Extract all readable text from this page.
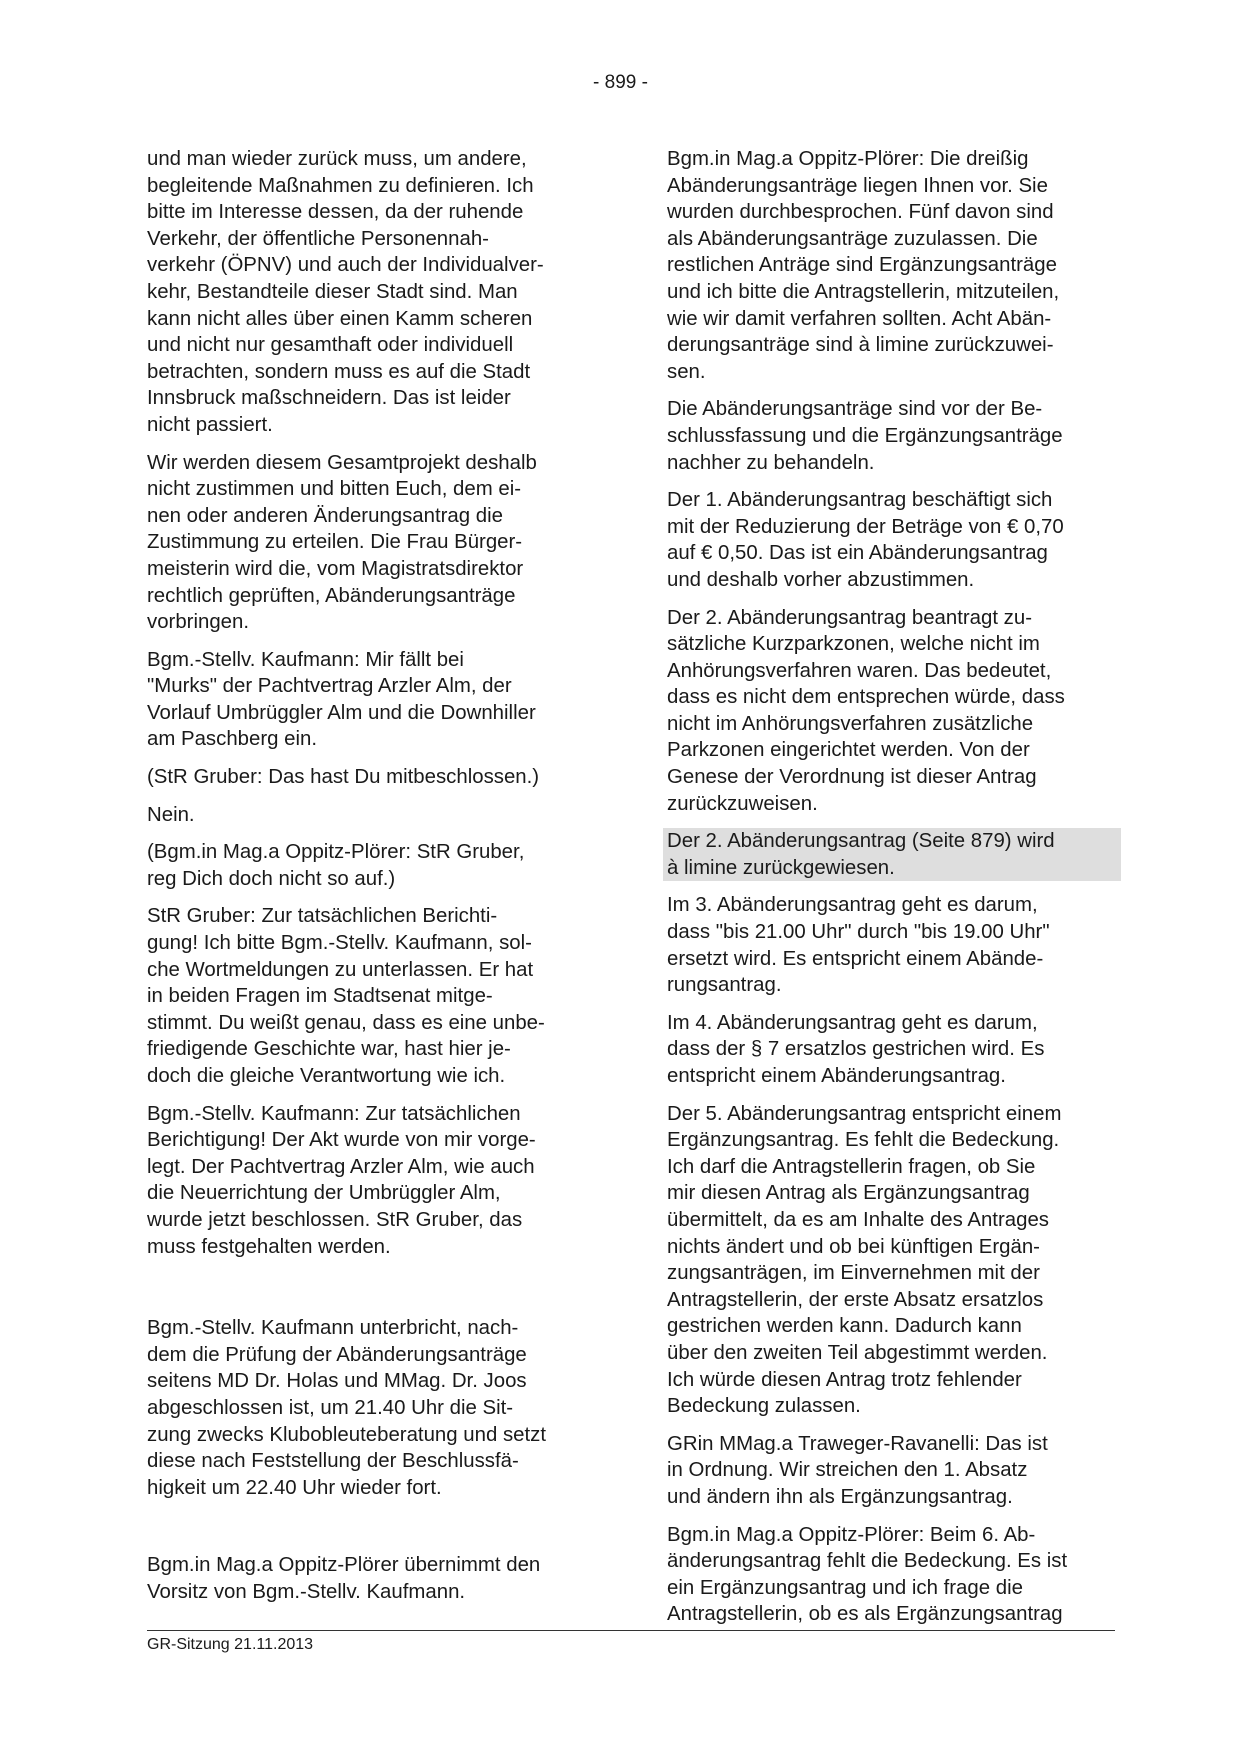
- 899 -

und man wieder zurück muss, um andere,
begleitende Maßnahmen zu definieren. Ich
bitte im Interesse dessen, da der ruhende
Verkehr, der öffentliche Personennah-
verkehr (ÖPNV) und auch der Individualver-
kehr, Bestandteile dieser Stadt sind. Man
kann nicht alles über einen Kamm scheren
und nicht nur gesamthaft oder individuell
betrachten, sondern muss es auf die Stadt
Innsbruck maßschneidern. Das ist leider
nicht passiert.

Wir werden diesem Gesamtprojekt deshalb
nicht zustimmen und bitten Euch, dem ei-
nen oder anderen Änderungsantrag die
Zustimmung zu erteilen. Die Frau Bürger-
meisterin wird die, vom Magistratsdirektor
rechtlich geprüften, Abänderungsanträge
vorbringen.

Bgm.-Stellv. Kaufmann: Mir fällt bei
"Murks" der Pachtvertrag Arzler Alm, der
Vorlauf Umbrüggler Alm und die Downhiller
am Paschberg ein.

(StR Gruber: Das hast Du mitbeschlossen.)

Nein.

(Bgm.in Mag.a Oppitz-Plörer: StR Gruber,
reg Dich doch nicht so auf.)

StR Gruber: Zur tatsächlichen Berichti-
gung! Ich bitte Bgm.-Stellv. Kaufmann, sol-
che Wortmeldungen zu unterlassen. Er hat
in beiden Fragen im Stadtsenat mitge-
stimmt. Du weißt genau, dass es eine unbe-
friedigende Geschichte war, hast hier je-
doch die gleiche Verantwortung wie ich.

Bgm.-Stellv. Kaufmann: Zur tatsächlichen
Berichtigung! Der Akt wurde von mir vorge-
legt. Der Pachtvertrag Arzler Alm, wie auch
die Neuerrichtung der Umbrüggler Alm,
wurde jetzt beschlossen. StR Gruber, das
muss festgehalten werden.

Bgm.-Stellv. Kaufmann unterbricht, nach-
dem die Prüfung der Abänderungsanträge
seitens MD Dr. Holas und MMag. Dr. Joos
abgeschlossen ist, um 21.40 Uhr die Sit-
zung zwecks Klubobleuteberatung und setzt
diese nach Feststellung der Beschlussfä-
higkeit um 22.40 Uhr wieder fort.

Bgm.in Mag.a Oppitz-Plörer übernimmt den
Vorsitz von Bgm.-Stellv. Kaufmann.

Bgm.in Mag.a Oppitz-Plörer: Die dreißig
Abänderungsanträge liegen Ihnen vor. Sie
wurden durchbesprochen. Fünf davon sind
als Abänderungsanträge zuzulassen. Die
restlichen Anträge sind Ergänzungsanträge
und ich bitte die Antragstellerin, mitzuteilen,
wie wir damit verfahren sollten. Acht Abän-
derungsanträge sind à limine zurückzuwei-
sen.

Die Abänderungsanträge sind vor der Be-
schlussfassung und die Ergänzungsanträge
nachher zu behandeln.

Der 1. Abänderungsantrag beschäftigt sich
mit der Reduzierung der Beträge von € 0,70
auf € 0,50. Das ist ein Abänderungsantrag
und deshalb vorher abzustimmen.

Der 2. Abänderungsantrag beantragt zu-
sätzliche Kurzparkzonen, welche nicht im
Anhörungsverfahren waren. Das bedeutet,
dass es nicht dem entsprechen würde, dass
nicht im Anhörungsverfahren zusätzliche
Parkzonen eingerichtet werden. Von der
Genese der Verordnung ist dieser Antrag
zurückzuweisen.

Der 2. Abänderungsantrag (Seite 879) wird
à limine zurückgewiesen.

Im 3. Abänderungsantrag geht es darum,
dass "bis 21.00 Uhr" durch "bis 19.00 Uhr"
ersetzt wird. Es entspricht einem Abände-
rungsantrag.

Im 4. Abänderungsantrag geht es darum,
dass der § 7 ersatzlos gestrichen wird. Es
entspricht einem Abänderungsantrag.

Der 5. Abänderungsantrag entspricht einem
Ergänzungsantrag. Es fehlt die Bedeckung.
Ich darf die Antragstellerin fragen, ob Sie
mir diesen Antrag als Ergänzungsantrag
übermittelt, da es am Inhalte des Antrages
nichts ändert und ob bei künftigen Ergän-
zungsanträgen, im Einvernehmen mit der
Antragstellerin, der erste Absatz ersatzlos
gestrichen werden kann. Dadurch kann
über den zweiten Teil abgestimmt werden.
Ich würde diesen Antrag trotz fehlender
Bedeckung zulassen.

GRin MMag.a Traweger-Ravanelli: Das ist
in Ordnung. Wir streichen den 1. Absatz
und ändern ihn als Ergänzungsantrag.

Bgm.in Mag.a Oppitz-Plörer: Beim 6. Ab-
änderungsantrag fehlt die Bedeckung. Es ist
ein Ergänzungsantrag und ich frage die
Antragstellerin, ob es als Ergänzungsantrag

GR-Sitzung 21.11.2013
